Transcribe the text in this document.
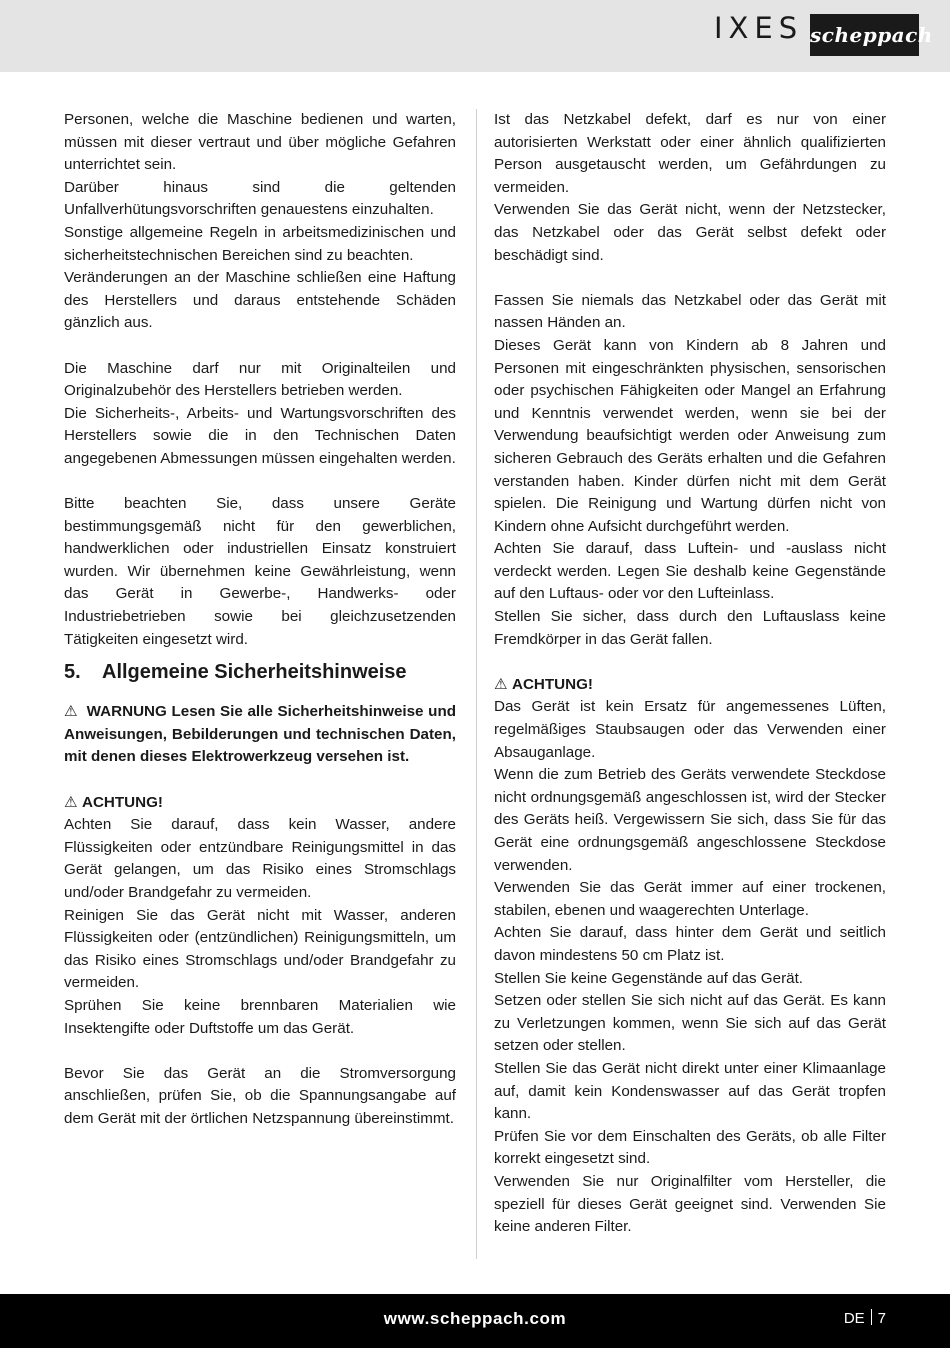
IXES scheppach

Personen, welche die Maschine bedienen und warten, müssen mit dieser vertraut und über mögliche Gefahren unterrichtet sein.

Darüber hinaus sind die geltenden Unfallverhütungsvorschriften genauestens einzuhalten.

Sonstige allgemeine Regeln in arbeitsmedizinischen und sicherheitstechnischen Bereichen sind zu beachten.

Veränderungen an der Maschine schließen eine Haftung des Herstellers und daraus entstehende Schäden gänzlich aus.

Die Maschine darf nur mit Originalteilen und Originalzubehör des Herstellers betrieben werden.

Die Sicherheits-, Arbeits- und Wartungsvorschriften des Herstellers sowie die in den Technischen Daten angegebenen Abmessungen müssen eingehalten werden.

Bitte beachten Sie, dass unsere Geräte bestimmungsgemäß nicht für den gewerblichen, handwerklichen oder industriellen Einsatz konstruiert wurden. Wir übernehmen keine Gewährleistung, wenn das Gerät in Gewerbe-, Handwerks- oder Industriebetrieben sowie bei gleichzusetzenden Tätigkeiten eingesetzt wird.

5. Allgemeine Sicherheitshinweise

⚠ WARNUNG Lesen Sie alle Sicherheitshinweise und Anweisungen, Bebilderungen und technischen Daten, mit denen dieses Elektrowerkzeug versehen ist.

⚠ ACHTUNG!

Achten Sie darauf, dass kein Wasser, andere Flüssigkeiten oder entzündbare Reinigungsmittel in das Gerät gelangen, um das Risiko eines Stromschlags und/oder Brandgefahr zu vermeiden.

Reinigen Sie das Gerät nicht mit Wasser, anderen Flüssigkeiten oder (entzündlichen) Reinigungsmitteln, um das Risiko eines Stromschlags und/oder Brandgefahr zu vermeiden.

Sprühen Sie keine brennbaren Materialien wie Insektengifte oder Duftstoffe um das Gerät.

Bevor Sie das Gerät an die Stromversorgung anschließen, prüfen Sie, ob die Spannungsangabe auf dem Gerät mit der örtlichen Netzspannung übereinstimmt.

Ist das Netzkabel defekt, darf es nur von einer autorisierten Werkstatt oder einer ähnlich qualifizierten Person ausgetauscht werden, um Gefährdungen zu vermeiden.

Verwenden Sie das Gerät nicht, wenn der Netzstecker, das Netzkabel oder das Gerät selbst defekt oder beschädigt sind.

Fassen Sie niemals das Netzkabel oder das Gerät mit nassen Händen an.

Dieses Gerät kann von Kindern ab 8 Jahren und Personen mit eingeschränkten physischen, sensorischen oder psychischen Fähigkeiten oder Mangel an Erfahrung und Kenntnis verwendet werden, wenn sie bei der Verwendung beaufsichtigt werden oder Anweisung zum sicheren Gebrauch des Geräts erhalten und die Gefahren verstanden haben. Kinder dürfen nicht mit dem Gerät spielen. Die Reinigung und Wartung dürfen nicht von Kindern ohne Aufsicht durchgeführt werden.

Achten Sie darauf, dass Luftein- und -auslass nicht verdeckt werden. Legen Sie deshalb keine Gegenstände auf den Luftaus- oder vor den Lufteinlass.

Stellen Sie sicher, dass durch den Luftauslass keine Fremdkörper in das Gerät fallen.

⚠ ACHTUNG!

Das Gerät ist kein Ersatz für angemessenes Lüften, regelmäßiges Staubsaugen oder das Verwenden einer Absauganlage.

Wenn die zum Betrieb des Geräts verwendete Steckdose nicht ordnungsgemäß angeschlossen ist, wird der Stecker des Geräts heiß. Vergewissern Sie sich, dass Sie für das Gerät eine ordnungsgemäß angeschlossene Steckdose verwenden.

Verwenden Sie das Gerät immer auf einer trockenen, stabilen, ebenen und waagerechten Unterlage.

Achten Sie darauf, dass hinter dem Gerät und seitlich davon mindestens 50 cm Platz ist.

Stellen Sie keine Gegenstände auf das Gerät.

Setzen oder stellen Sie sich nicht auf das Gerät. Es kann zu Verletzungen kommen, wenn Sie sich auf das Gerät setzen oder stellen.

Stellen Sie das Gerät nicht direkt unter einer Klimaanlage auf, damit kein Kondenswasser auf das Gerät tropfen kann.

Prüfen Sie vor dem Einschalten des Geräts, ob alle Filter korrekt eingesetzt sind.

Verwenden Sie nur Originalfilter vom Hersteller, die speziell für dieses Gerät geeignet sind. Verwenden Sie keine anderen Filter.

www.scheppach.com	DE 7
